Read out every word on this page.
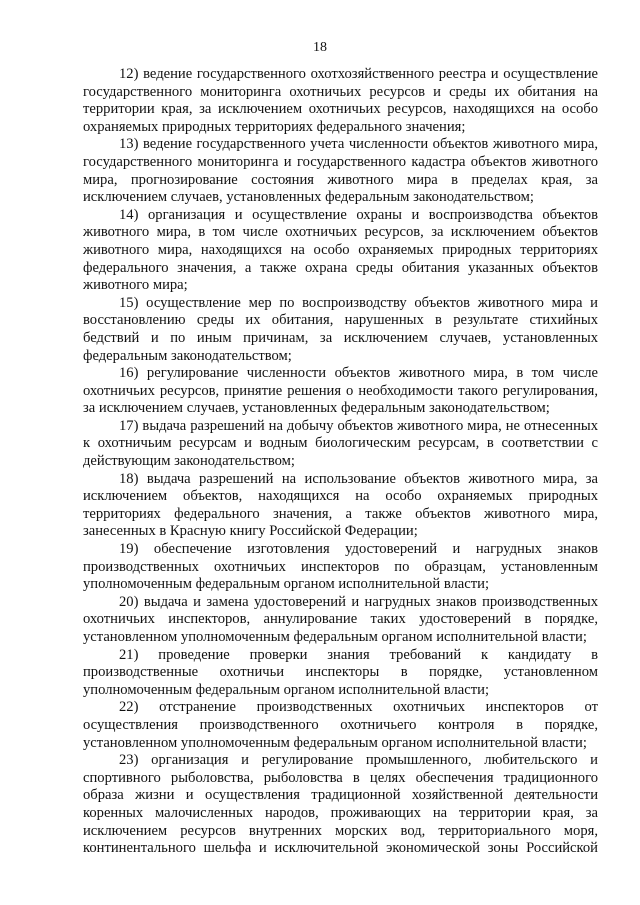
18

12) ведение государственного охотхозяйственного реестра и осуществление государственного мониторинга охотничьих ресурсов и среды их обитания на территории края, за исключением охотничьих ресурсов, находящихся на особо охраняемых природных территориях федерального значения;

13) ведение государственного учета численности объектов животного мира, государственного мониторинга и государственного кадастра объектов животного мира, прогнозирование состояния животного мира в пределах края, за исключением случаев, установленных федеральным законодательством;

14) организация и осуществление охраны и воспроизводства объектов животного мира, в том числе охотничьих ресурсов, за исключением объектов животного мира, находящихся на особо охраняемых природных территориях федерального значения, а также охрана среды обитания указанных объектов животного мира;

15) осуществление мер по воспроизводству объектов животного мира и восстановлению среды их обитания, нарушенных в результате стихийных бедствий и по иным причинам, за исключением случаев, установленных федеральным законодательством;

16) регулирование численности объектов животного мира, в том числе охотничьих ресурсов, принятие решения о необходимости такого регулирования, за исключением случаев, установленных федеральным законодательством;

17) выдача разрешений на добычу объектов животного мира, не отнесенных к охотничьим ресурсам и водным биологическим ресурсам, в соответствии с действующим законодательством;

18) выдача разрешений на использование объектов животного мира, за исключением объектов, находящихся на особо охраняемых природных территориях федерального значения, а также объектов животного мира, занесенных в Красную книгу Российской Федерации;

19) обеспечение изготовления удостоверений и нагрудных знаков производственных охотничьих инспекторов по образцам, установленным уполномоченным федеральным органом исполнительной власти;

20) выдача и замена удостоверений и нагрудных знаков производственных охотничьих инспекторов, аннулирование таких удостоверений в порядке, установленном уполномоченным федеральным органом исполнительной власти;

21) проведение проверки знания требований к кандидату в производственные охотничьи инспекторы в порядке, установленном уполномоченным федеральным органом исполнительной власти;

22) отстранение производственных охотничьих инспекторов от осуществления производственного охотничьего контроля в порядке, установленном уполномоченным федеральным органом исполнительной власти;

23) организация и регулирование промышленного, любительского и спортивного рыболовства, рыболовства в целях обеспечения традиционного образа жизни и осуществления традиционной хозяйственной деятельности коренных малочисленных народов, проживающих на территории края, за исключением ресурсов внутренних морских вод, территориального моря, континентального шельфа и исключительной экономической зоны Российской
